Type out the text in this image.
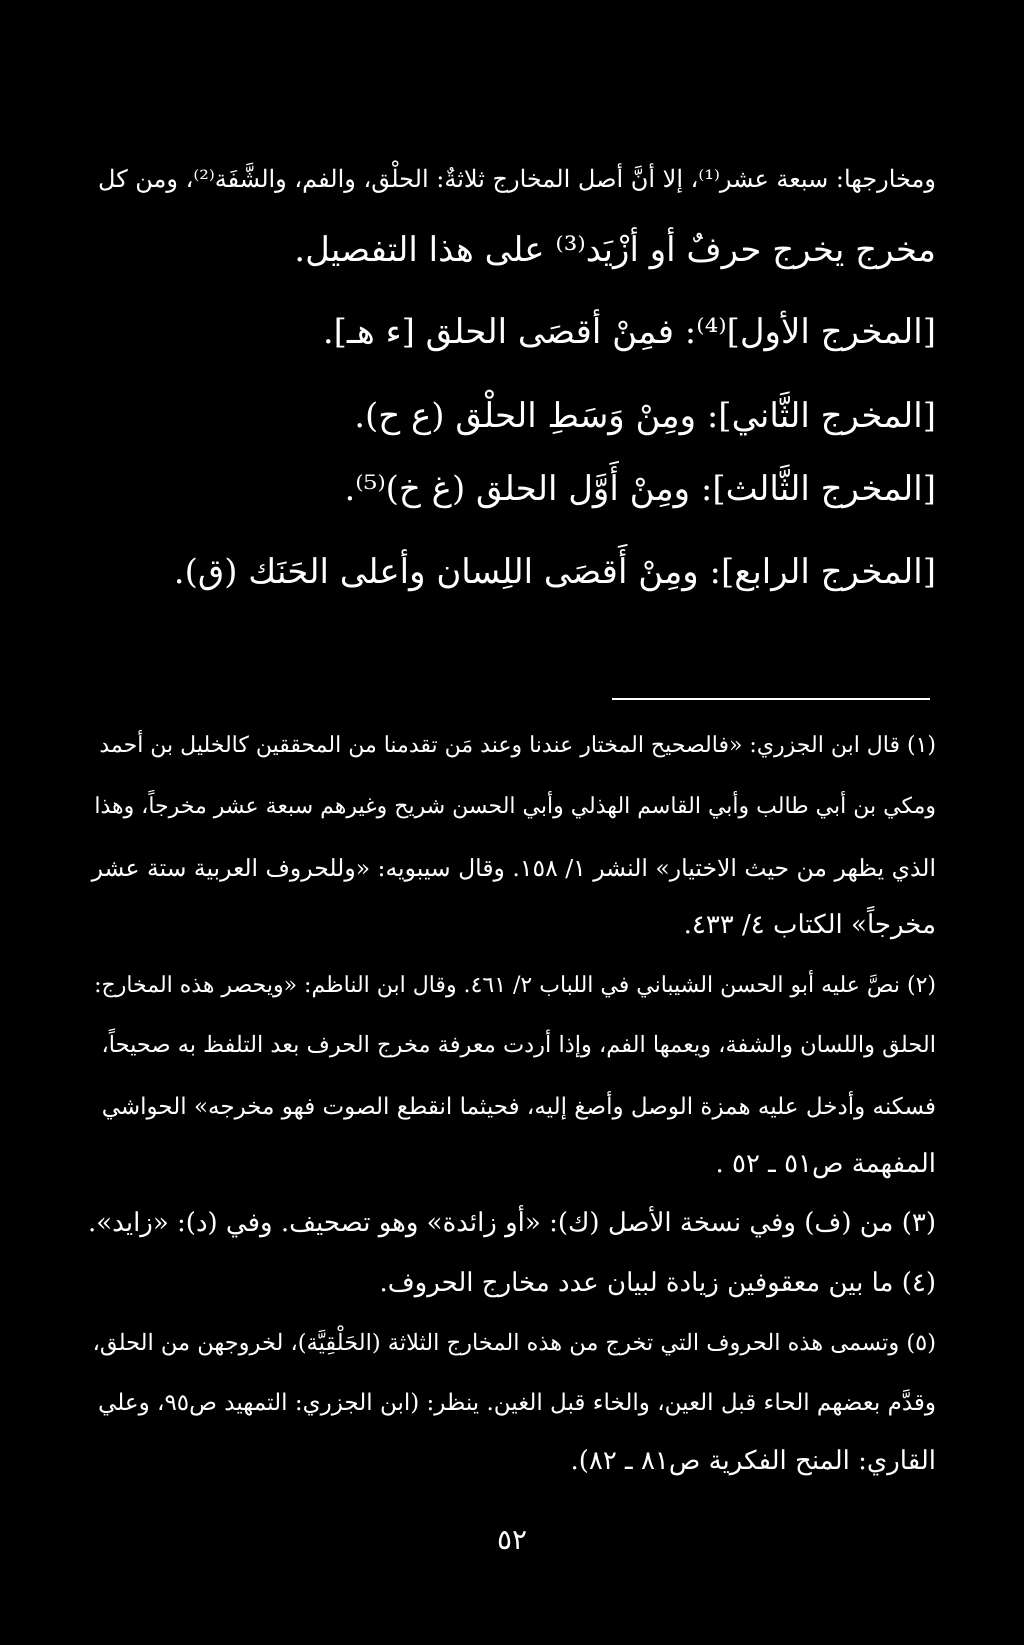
ومخارجها: سبعة عشر⁽¹⁾، إلا أنَّ أصل المخارج ثلاثةٌ: الحلْق، والفم، والشَّفَة⁽²⁾، ومن كل
مخرج يخرج حرفٌ أو أزْيَد⁽³⁾ على هذا التفصيل.
[المخرج الأول]⁽⁴⁾: فمِنْ أقصَى الحلق [ء هـ].
[المخرج الثَّاني]: ومِنْ وَسَطِ الحلْق (ع ح).
[المخرج الثَّالث]: ومِنْ أَوَّل الحلق (غ خ)⁽⁵⁾.
[المخرج الرابع]: ومِنْ أَقصَى اللِسان وأعلى الحَنَك (ق).
(١) قال ابن الجزري: «فالصحيح المختار عندنا وعند مَن تقدمنا من المحققين كالخليل بن أحمد
ومكي بن أبي طالب وأبي القاسم الهذلي وأبي الحسن شريح وغيرهم سبعة عشر مخرجاً، وهذا
الذي يظهر من حيث الاختيار» النشر ١/ ١٥٨. وقال سيبويه: «وللحروف العربية ستة عشر
مخرجاً» الكتاب ٤/ ٤٣٣.
(٢) نصَّ عليه أبو الحسن الشيباني في اللباب ٢/ ٤٦١. وقال ابن الناظم: «ويحصر هذه المخارج:
الحلق واللسان والشفة، ويعمها الفم، وإذا أردت معرفة مخرج الحرف بعد التلفظ به صحيحاً،
فسكنه وأدخل عليه همزة الوصل وأصغ إليه، فحيثما انقطع الصوت فهو مخرجه» الحواشي
المفهمة ص٥١ ـ ٥٢ .
(٣) من (ف) وفي نسخة الأصل (ك): «أو زائدة» وهو تصحيف. وفي (د): «زايد».
(٤) ما بين معقوفين زيادة لبيان عدد مخارج الحروف.
(٥) وتسمى هذه الحروف التي تخرج من هذه المخارج الثلاثة (الحَلْقِيَّة)، لخروجهن من الحلق،
وقدَّم بعضهم الحاء قبل العين، والخاء قبل الغين. ينظر: (ابن الجزري: التمهيد ص٩٥، وعلي
القاري: المنح الفكرية ص٨١ ـ ٨٢).
٥٢
